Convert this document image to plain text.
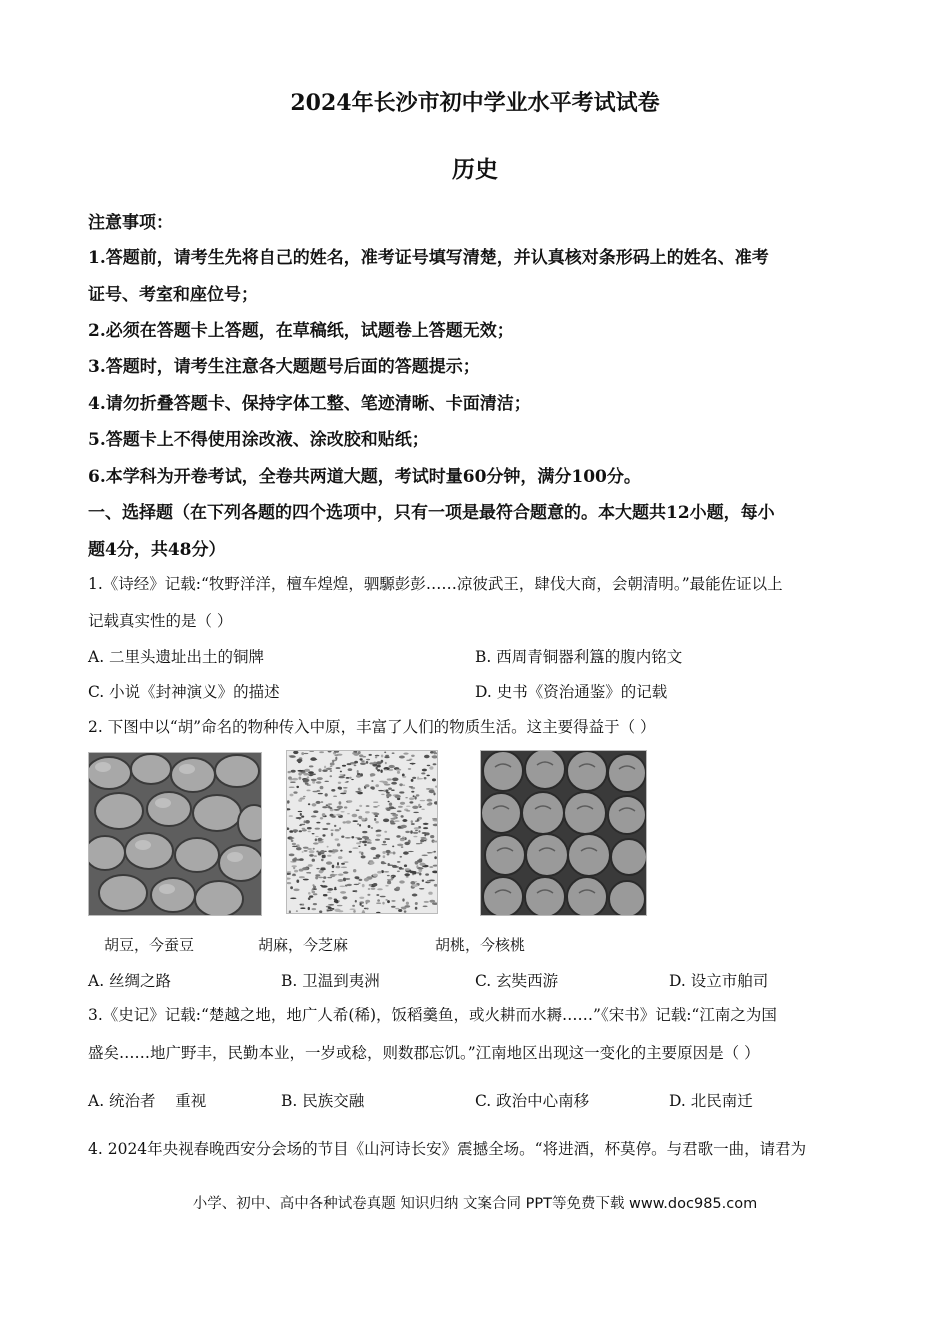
2024年长沙市初中学业水平考试试卷
历史
注意事项：
1.答题前，请考生先将自己的姓名，准考证号填写清楚，并认真核对条形码上的姓名、准考
证号、考室和座位号；
2.必须在答题卡上答题，在草稿纸，试题卷上答题无效；
3.答题时，请考生注意各大题题号后面的答题提示；
4.请勿折叠答题卡、保持字体工整、笔迹清晰、卡面清洁；
5.答题卡上不得使用涂改液、涂改胶和贴纸；
6.本学科为开卷考试，全卷共两道大题，考试时量60分钟，满分100分。
一、选择题（在下列各题的四个选项中，只有一项是最符合题意的。本大题共12小题，每小
题4分，共48分）
1.《诗经》记载:“牧野洋洋，檀车煌煌，驷騵彭彭……凉彼武王，肆伐大商，会朝清明。”最能佐证以上
记载真实性的是（ ）
A. 二里头遗址出土的铜牌	B. 西周青铜器利簋的腹内铭文
C. 小说《封神演义》的描述	D. 史书《资治通鉴》的记载
2. 下图中以“胡”命名的物种传入中原，丰富了人们的物质生活。这主要得益于（ ）
胡豆，今蚕豆	胡麻，今芝麻	胡桃，今核桃
A. 丝绸之路	B. 卫温到夷洲	C. 玄奘西游	D. 设立市舶司
3.《史记》记载:“楚越之地，地广人希(稀)，饭稻羹鱼，或火耕而水耨……”《宋书》记载:“江南之为国
盛矣……地广野丰，民勤本业，一岁或稔，则数郡忘饥。”江南地区出现这一变化的主要原因是（ ）
A. 统治者    重视	B. 民族交融	C. 政治中心南移	D. 北民南迁
4. 2024年央视春晚西安分会场的节目《山河诗长安》震撼全场。“将进酒，杯莫停。与君歌一曲，请君为
小学、初中、高中各种试卷真题 知识归纳 文案合同 PPT等免费下载 www.doc985.com
